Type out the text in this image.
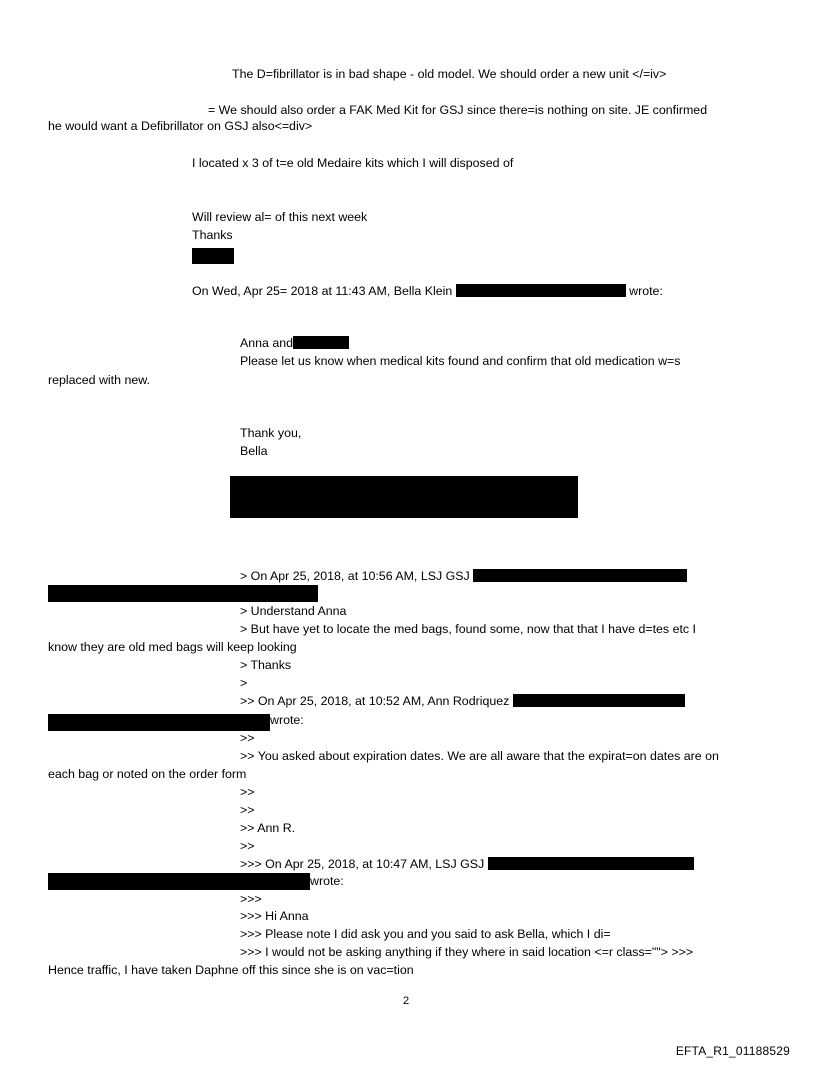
The D=fibrillator is in bad shape - old model. We should order a new unit </=iv>
= We should also order a FAK Med Kit for GSJ since there=is nothing on site. JE confirmed
he would want a Defibrillator on GSJ also<=div>
I located x 3 of t=e old Medaire kits which I will disposed of
Will review al= of this next week
Thanks
On Wed, Apr 25= 2018 at 11:43 AM, Bella Klein	wrote:
Anna and
Please let us know when medical kits found and confirm that old medication w=s
replaced with new.
Thank you,
Bella
> On Apr 25, 2018, at 10:56 AM, LSJ GSJ
> Understand Anna
> But have yet to locate the med bags, found some, now that that I have d=tes etc I
know they are old med bags will keep looking
> Thanks
>
>> On Apr 25, 2018, at 10:52 AM, Ann Rodriquez
wrote:
>>
>> You asked about expiration dates. We are all aware that the expirat=on dates are on
each bag or noted on the order form
>>
>>
>> Ann R.
>>
>>> On Apr 25, 2018, at 10:47 AM, LSJ GSJ
wrote:
>>>
>>> Hi Anna
>>> Please note I did ask you and you said to ask Bella, which I di=
>>> I would not be asking anything if they where in said location <=r class=""> >>>
Hence traffic, I have taken Daphne off this since she is on vac=tion
2
EFTA_R1_01188529
